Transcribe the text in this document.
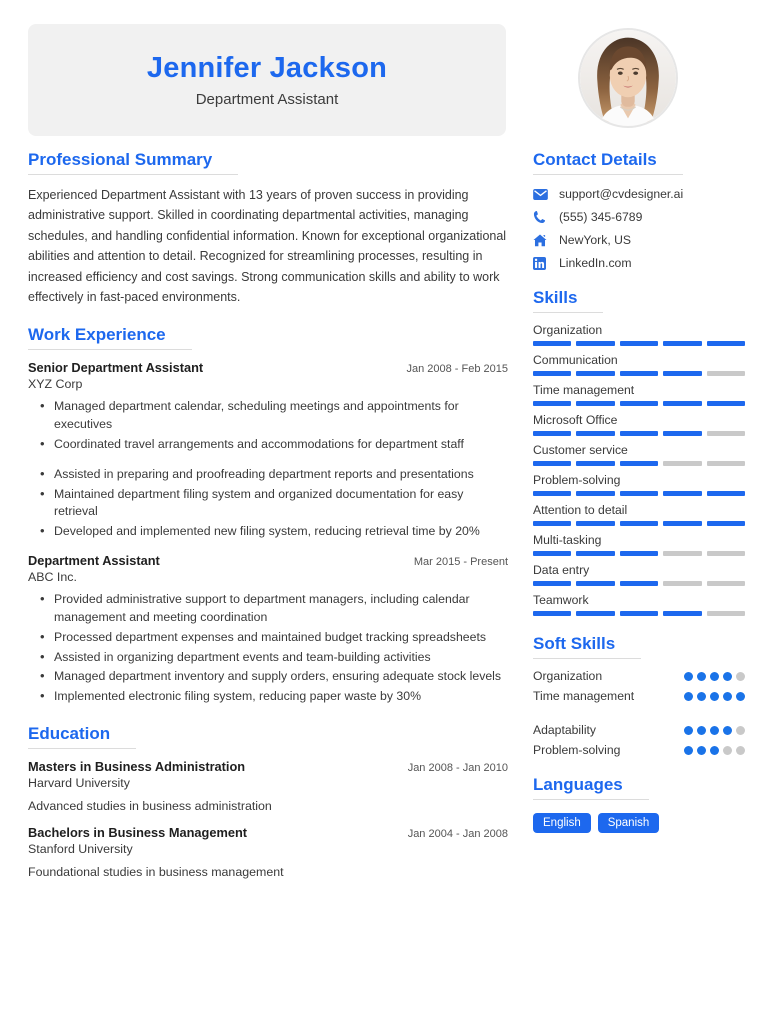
Jennifer Jackson
Department Assistant
Professional Summary
Experienced Department Assistant with 13 years of proven success in providing administrative support. Skilled in coordinating departmental activities, managing schedules, and handling confidential information. Known for exceptional organizational abilities and attention to detail. Recognized for streamlining processes, resulting in increased efficiency and cost savings. Strong communication skills and ability to work effectively in fast-paced environments.
Work Experience
Senior Department Assistant	Jan 2008 - Feb 2015
XYZ Corp
• Managed department calendar, scheduling meetings and appointments for executives
• Coordinated travel arrangements and accommodations for department staff
• Assisted in preparing and proofreading department reports and presentations
• Maintained department filing system and organized documentation for easy retrieval
• Developed and implemented new filing system, reducing retrieval time by 20%
Department Assistant	Mar 2015 - Present
ABC Inc.
• Provided administrative support to department managers, including calendar management and meeting coordination
• Processed department expenses and maintained budget tracking spreadsheets
• Assisted in organizing department events and team-building activities
• Managed department inventory and supply orders, ensuring adequate stock levels
• Implemented electronic filing system, reducing paper waste by 30%
Education
Masters in Business Administration	Jan 2008 - Jan 2010
Harvard University
Advanced studies in business administration
Bachelors in Business Management	Jan 2004 - Jan 2008
Stanford University
Foundational studies in business management
Contact Details
support@cvdesigner.ai
(555) 345-6789
NewYork, US
LinkedIn.com
Skills
Organization
Communication
Time management
Microsoft Office
Customer service
Problem-solving
Attention to detail
Multi-tasking
Data entry
Teamwork
Soft Skills
Organization
Time management
Adaptability
Problem-solving
Languages
English	Spanish
